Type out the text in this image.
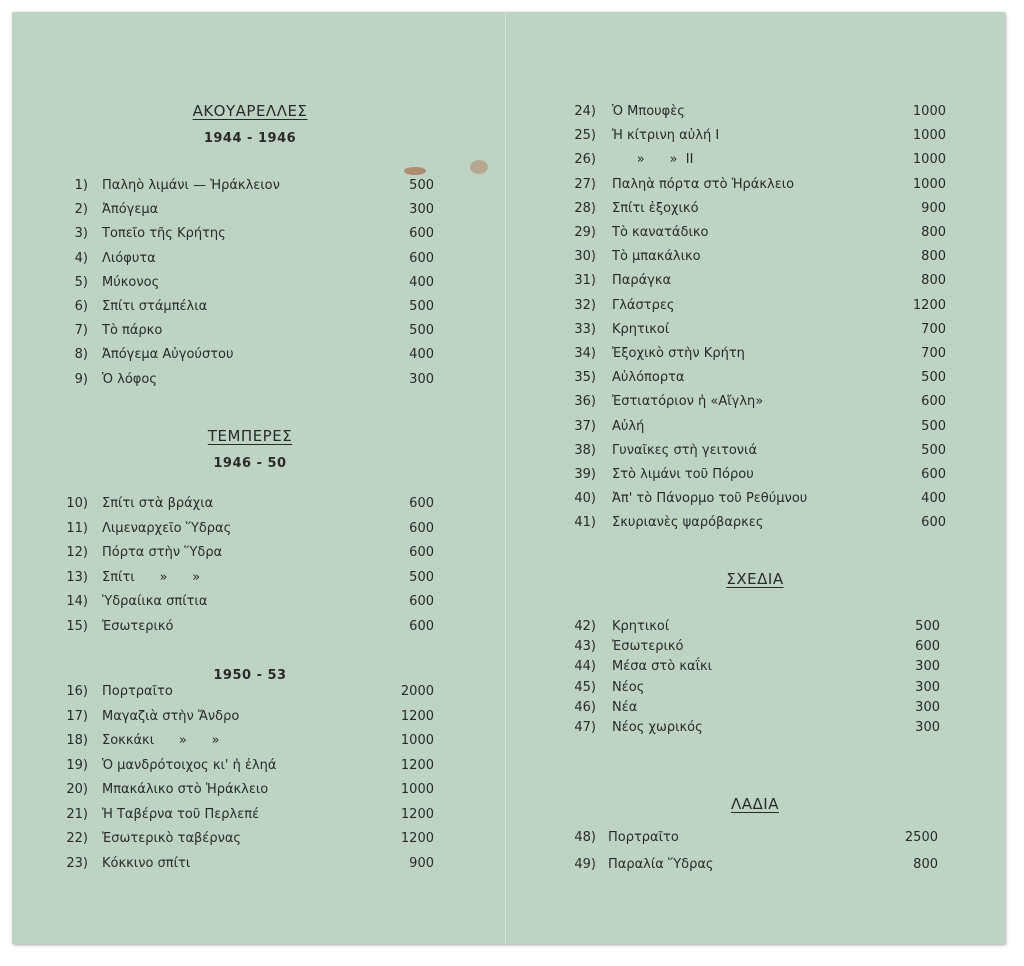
ΑΚΟΥΑΡΕΛΛΕΣ
1944 - 1946
1) Παληὸ λιμάνι — Ἡράκλειον	500
2) Ἀπόγεμα	300
3) Τοπεῖο τῆς Κρήτης	600
4) Λιόφυτα	600
5) Μύκονος	400
6) Σπίτι στάμπέλια	500
7) Τὸ πάρκο	500
8) Ἀπόγεμα Αὐγούστου	400
9) Ὁ λόφος	300
ΤΕΜΠΕΡΕΣ
1946 - 50
10) Σπίτι στὰ βράχια	600
11) Λιμεναρχεῖο Ὕδρας	600
12) Πόρτα στὴν Ὕδρα	600
13) Σπίτι      »      »	500
14) Ὑδραίικα σπίτια	600
15) Ἐσωτερικό	600
1950 - 53
16) Πορτραῖτο	2000
17) Μαγαζιὰ στὴν Ἄνδρο	1200
18) Σοκκάκι      »      »	1000
19) Ὁ μανδρότοιχος κι' ἡ ἐληά	1200
20) Μπακάλικο στὸ Ἡράκλειο	1000
21) Ἡ Ταβέρνα τοῦ Περλεπέ	1200
22) Ἐσωτερικὸ ταβέρνας	1200
23) Κόκκινο σπίτι	900
24) Ὁ Μπουφὲς	1000
25) Ἡ κίτρινη αὐλή I	1000
26) »      »  II	1000
27) Παληὰ πόρτα στὸ Ἡράκλειο	1000
28) Σπίτι ἐξοχικό	900
29) Τὸ κανατάδικο	800
30) Τὸ μπακάλικο	800
31) Παράγκα	800
32) Γλάστρες	1200
33) Κρητικοί	700
34) Ἐξοχικὸ στὴν Κρήτη	700
35) Αὐλόπορτα	500
36) Ἐστιατόριον ἡ «Αἴγλη»	600
37) Αὐλή	500
38) Γυναῖκες στὴ γειτονιά	500
39) Στὸ λιμάνι τοῦ Πόρου	600
40) Ἀπ' τὸ Πάνορμο τοῦ Ρεθύμνου	400
41) Σκυριανὲς ψαρόβαρκες	600
ΣΧΕΔΙΑ
42) Κρητικοί	500
43) Ἐσωτερικό	600
44) Μέσα στὸ καΐκι	300
45) Νέος	300
46) Νέα	300
47) Νέος χωρικός	300
ΛΑΔΙΑ
48) Πορτραῖτο	2500
49) Παραλία Ὕδρας	800
